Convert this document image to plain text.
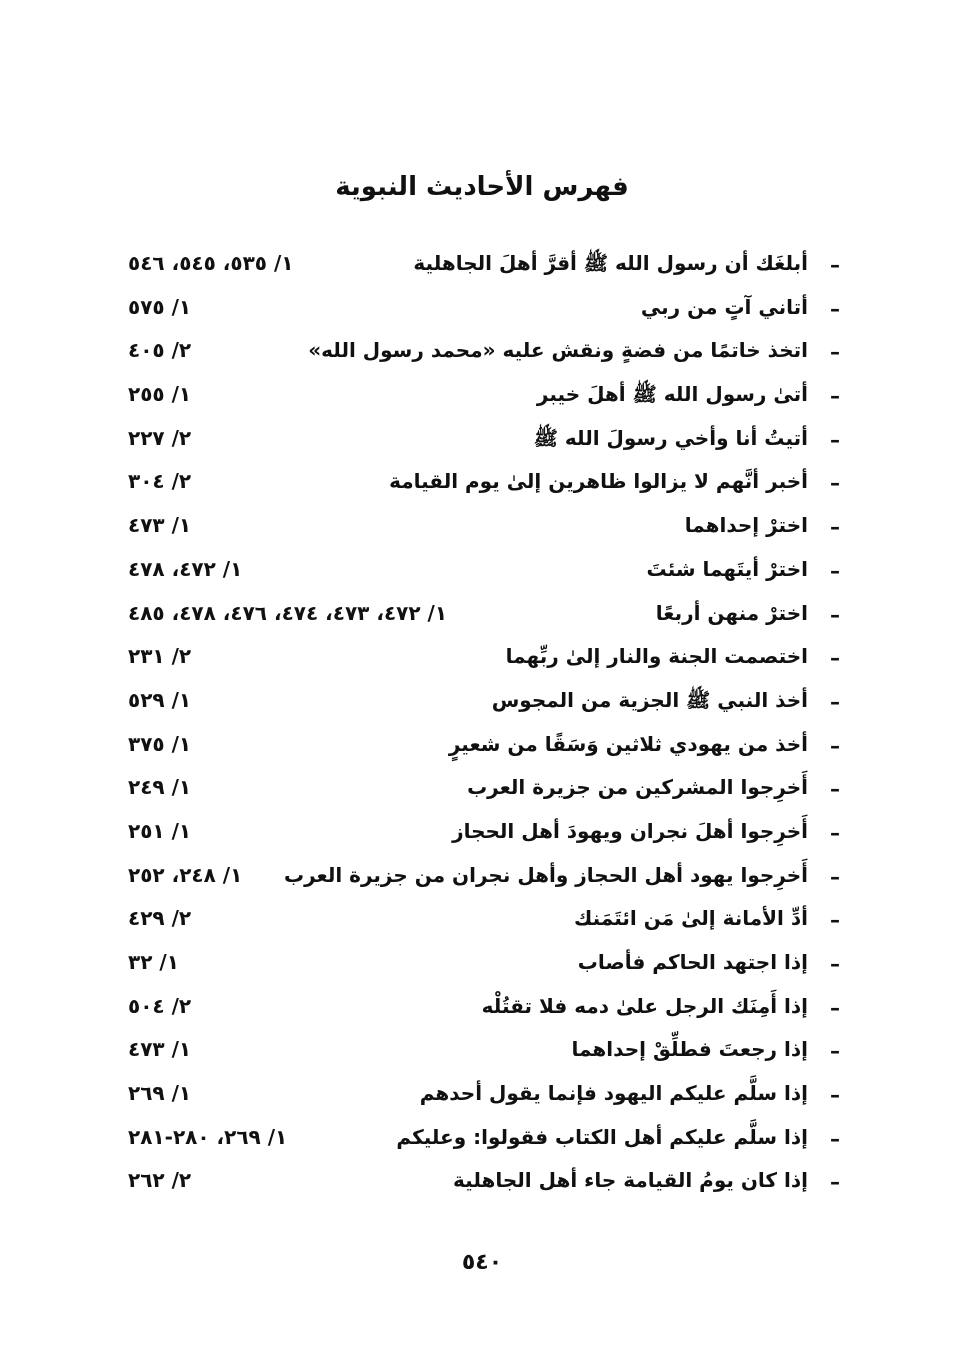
فهرس الأحاديث النبوية
–
أبلغَك أن رسول الله ﷺ أقرَّ أهلَ الجاهلية
١/ ٥٣٥، ٥٤٥، ٥٤٦
–
أتاني آتٍ من ربي
١/ ٥٧٥
–
اتخذ خاتمًا من فضةٍ ونقش عليه «محمد رسول الله»
٢/ ٤٠٥
–
أتىٰ رسول الله ﷺ أهلَ خيبر
١/ ٢٥٥
–
أتيتُ أنا وأخي رسولَ الله ﷺ
٢/ ٢٢٧
–
أخبر أنَّهم لا يزالوا ظاهرين إلىٰ يوم القيامة
٢/ ٣٠٤
–
اخترْ إحداهما
١/ ٤٧٣
–
اخترْ أيتَهما شئتَ
١/ ٤٧٢، ٤٧٨
–
اخترْ منهن أربعًا
١/ ٤٧٢، ٤٧٣، ٤٧٤، ٤٧٦، ٤٧٨، ٤٨٥
–
اختصمت الجنة والنار إلىٰ ربِّهما
٢/ ٢٣١
–
أخذ النبي ﷺ الجزية من المجوس
١/ ٥٢٩
–
أخذ من يهودي ثلاثين وَسَقًا من شعيرٍ
١/ ٣٧٥
–
أَخرِجوا المشركين من جزيرة العرب
١/ ٢٤٩
–
أَخرِجوا أهلَ نجران ويهودَ أهل الحجاز
١/ ٢٥١
–
أَخرِجوا يهود أهل الحجاز وأهل نجران من جزيرة العرب
١/ ٢٤٨، ٢٥٢
–
أدِّ الأمانة إلىٰ مَن ائتَمَنك
٢/ ٤٢٩
–
إذا اجتهد الحاكم فأصاب
١/ ٣٢
–
إذا أَمِنَك الرجل علىٰ دمه فلا تقتُلْه
٢/ ٥٠٤
–
إذا رجعتَ فطلِّقْ إحداهما
١/ ٤٧٣
–
إذا سلَّم عليكم اليهود فإنما يقول أحدهم
١/ ٢٦٩
–
إذا سلَّم عليكم أهل الكتاب فقولوا: وعليكم
١/ ٢٦٩، ٢٨٠-٢٨١
–
إذا كان يومُ القيامة جاء أهل الجاهلية
٢/ ٢٦٢
٥٤٠
